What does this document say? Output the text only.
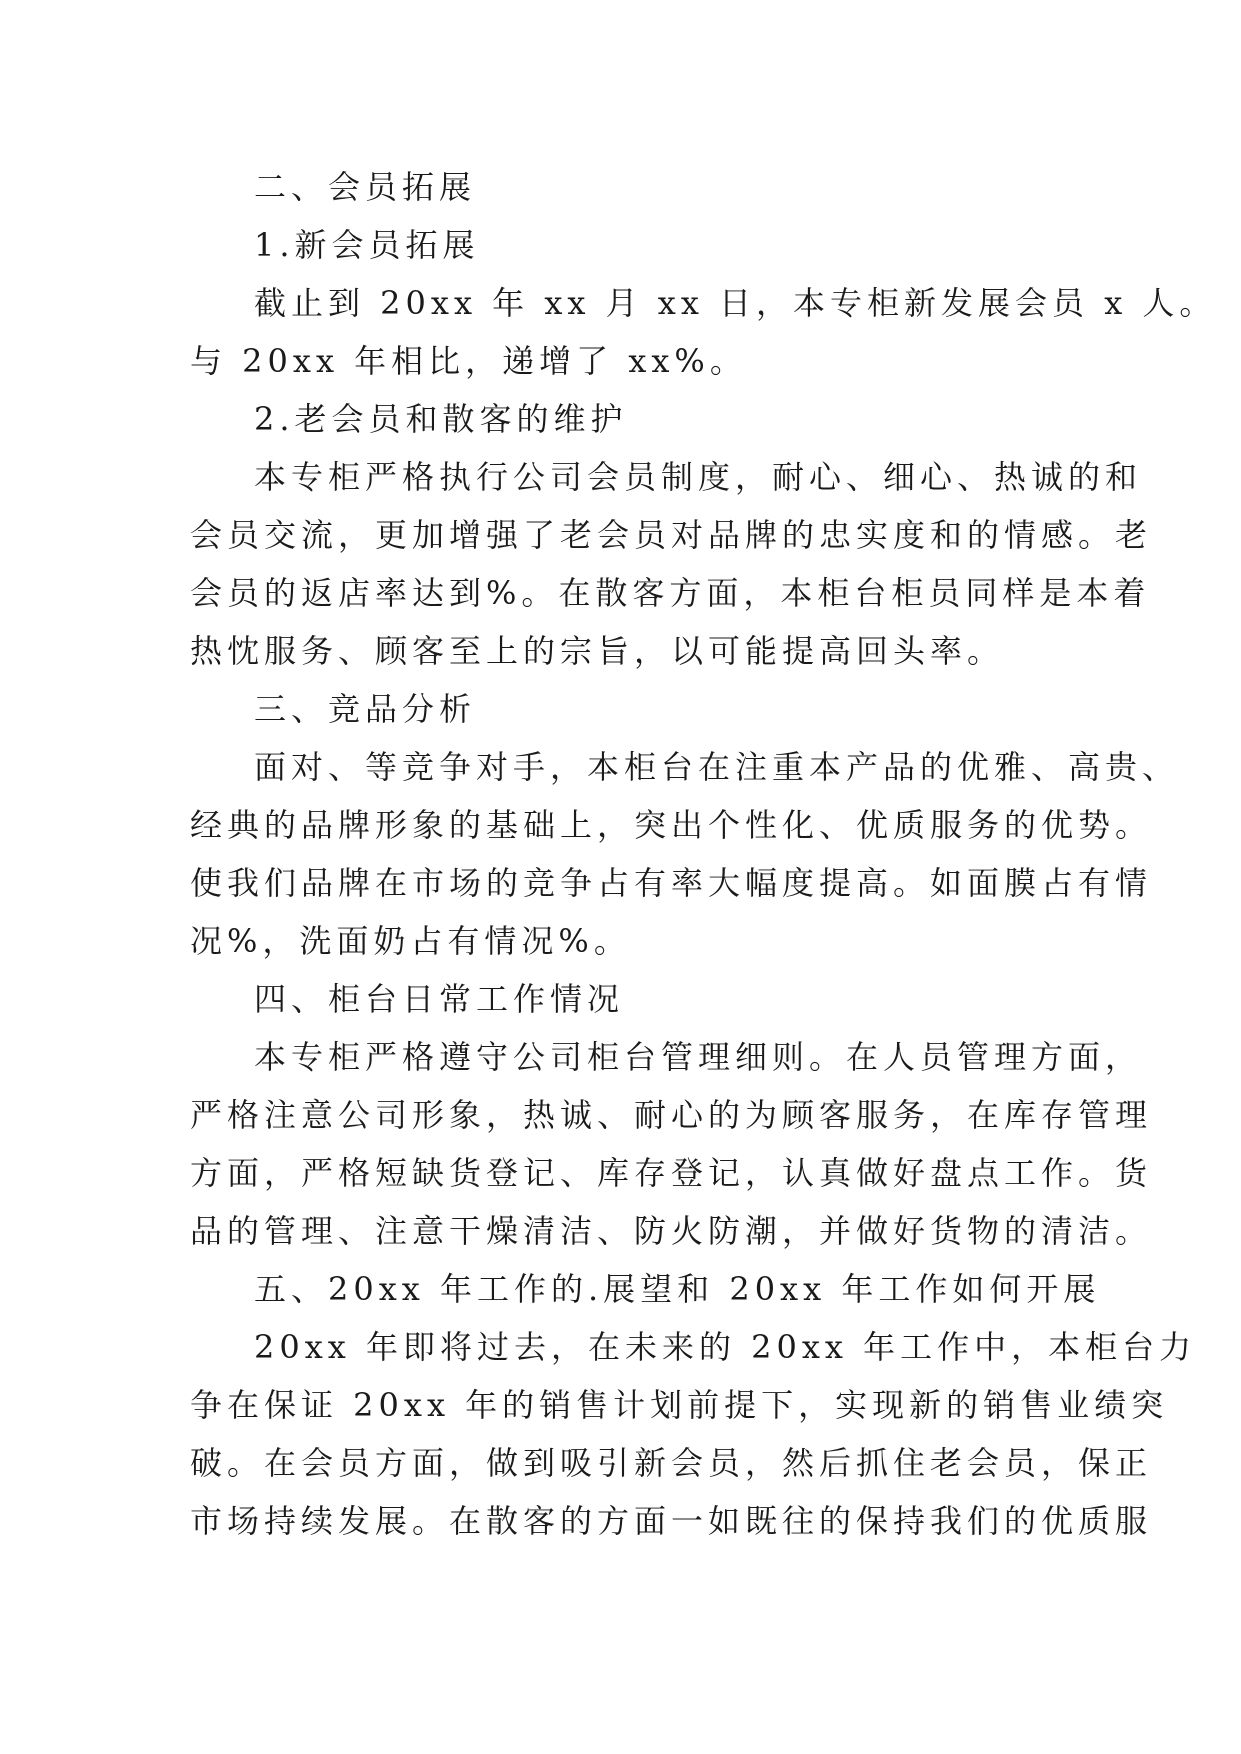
二、会员拓展
1.新会员拓展
截止到 20xx 年 xx 月 xx 日，本专柜新发展会员 x 人。
与 20xx 年相比，递增了 xx%。
2.老会员和散客的维护
本专柜严格执行公司会员制度，耐心、细心、热诚的和
会员交流，更加增强了老会员对品牌的忠实度和的情感。老
会员的返店率达到%。在散客方面，本柜台柜员同样是本着
热忱服务、顾客至上的宗旨，以可能提高回头率。
三、竞品分析
面对、等竞争对手，本柜台在注重本产品的优雅、高贵、
经典的品牌形象的基础上，突出个性化、优质服务的优势。
使我们品牌在市场的竞争占有率大幅度提高。如面膜占有情
况%，洗面奶占有情况%。
四、柜台日常工作情况
本专柜严格遵守公司柜台管理细则。在人员管理方面，
严格注意公司形象，热诚、耐心的为顾客服务，在库存管理
方面，严格短缺货登记、库存登记，认真做好盘点工作。货
品的管理、注意干燥清洁、防火防潮，并做好货物的清洁。
五、20xx 年工作的.展望和 20xx 年工作如何开展
20xx 年即将过去，在未来的 20xx 年工作中，本柜台力
争在保证 20xx 年的销售计划前提下，实现新的销售业绩突
破。在会员方面，做到吸引新会员，然后抓住老会员，保正
市场持续发展。在散客的方面一如既往的保持我们的优质服
